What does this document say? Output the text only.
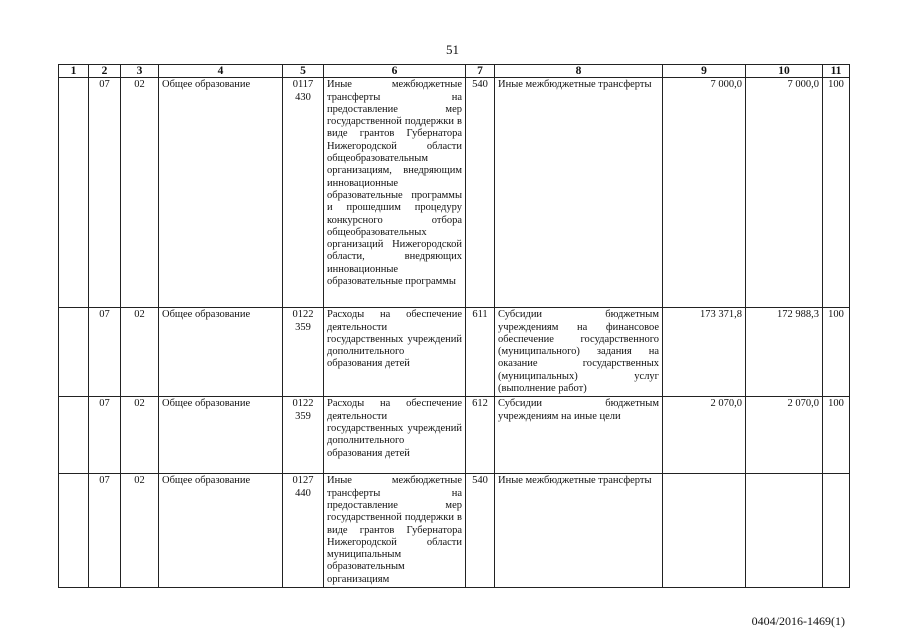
51
1	2	3	4	5	6	7	8	9	10	11
	07	02	Общее образование	0117 430	Иные межбюджетные трансферты на предоставление мер государственной поддержки в виде грантов Губернатора Нижегородской области общеобразовательным организациям, внедряющим инновационные образовательные программы и прошедшим процедуру конкурсного отбора общеобразовательных организаций Нижегородской области, внедряющих инновационные образовательные программы	540	Иные межбюджетные трансферты	7 000,0	7 000,0	100
	07	02	Общее образование	0122 359	Расходы на обеспечение деятельности государственных учреждений дополнительного образования детей	611	Субсидии бюджетным учреждениям на финансовое обеспечение государственного (муниципального) задания на оказание государственных (муниципальных) услуг (выполнение работ)	173 371,8	172 988,3	100
	07	02	Общее образование	0122 359	Расходы на обеспечение деятельности государственных учреждений дополнительного образования детей	612	Субсидии бюджетным учреждениям на иные цели	2 070,0	2 070,0	100
	07	02	Общее образование	0127 440	Иные межбюджетные трансферты на предоставление мер государственной поддержки в виде грантов Губернатора Нижегородской области муниципальным образовательным организациям	540	Иные межбюджетные трансферты			
0404/2016-1469(1)
